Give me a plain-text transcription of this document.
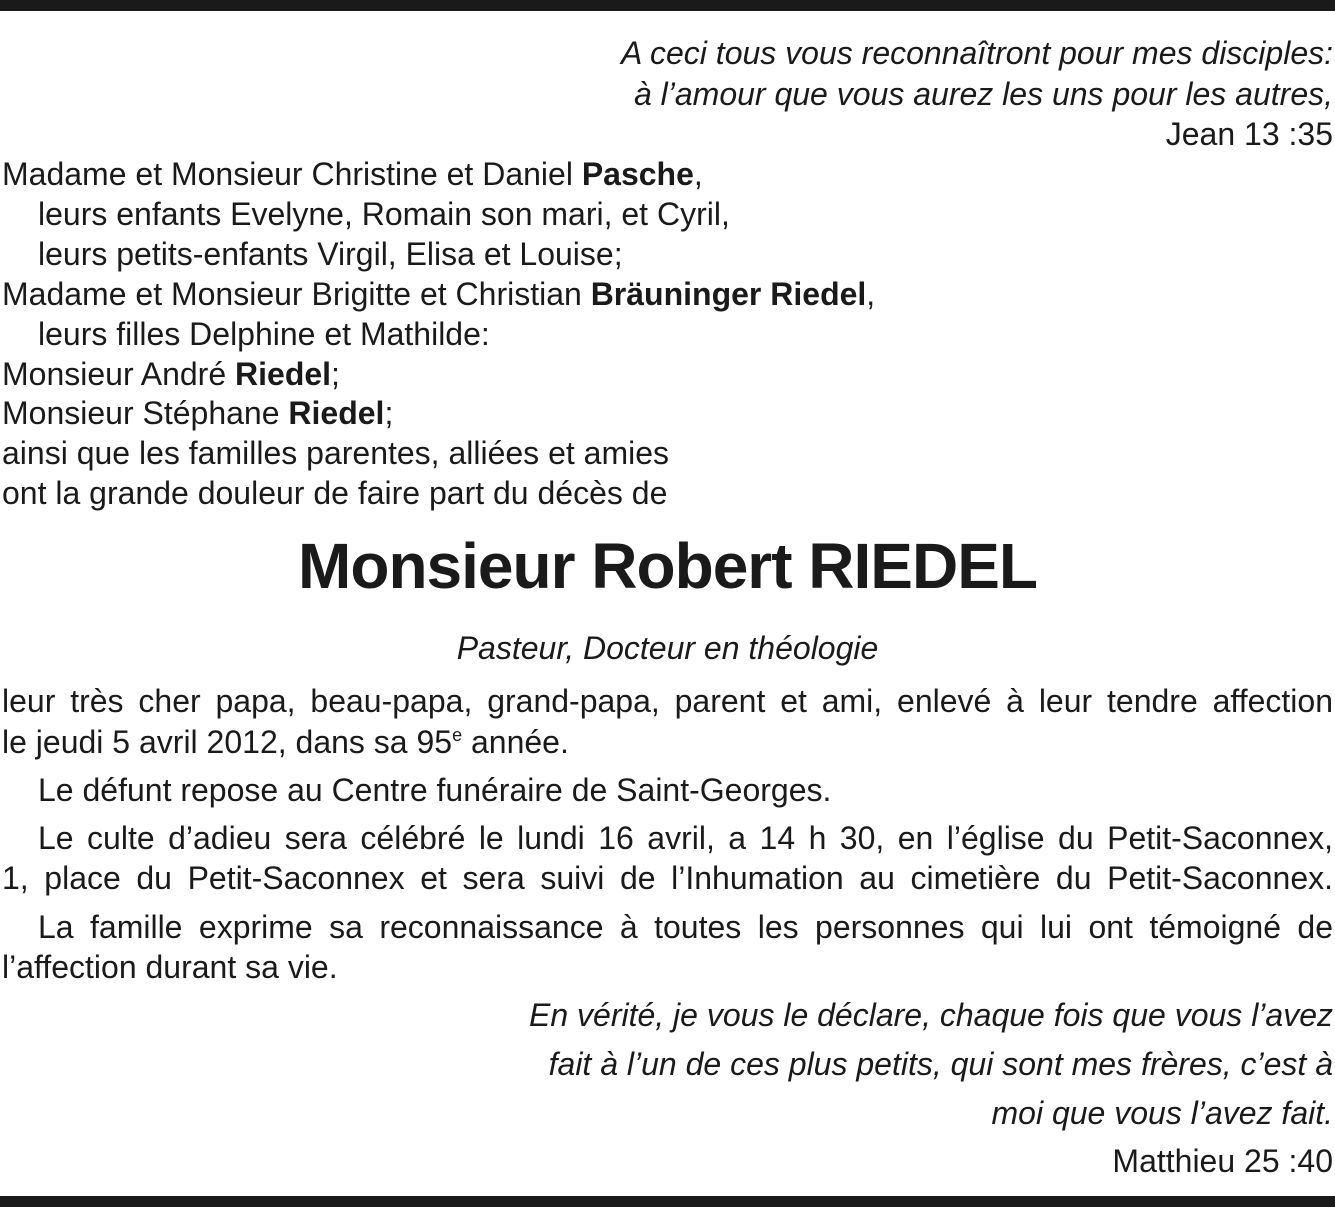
A ceci tous vous reconnaîtront pour mes disciples:
à l’amour que vous aurez les uns pour les autres,
Jean 13 :35
Madame et Monsieur Christine et Daniel Pasche,
leurs enfants Evelyne, Romain son mari, et Cyril,
leurs petits-enfants Virgil, Elisa et Louise;
Madame et Monsieur Brigitte et Christian Bräuninger Riedel,
leurs filles Delphine et Mathilde:
Monsieur André Riedel;
Monsieur Stéphane Riedel;
ainsi que les familles parentes, alliées et amies
ont la grande douleur de faire part du décès de
Monsieur Robert RIEDEL
Pasteur, Docteur en théologie
leur très cher papa, beau-papa, grand-papa, parent et ami, enlevé à leur tendre affection
le jeudi 5 avril 2012, dans sa 95e année.
Le défunt repose au Centre funéraire de Saint-Georges.
Le culte d’adieu sera célébré le lundi 16 avril, a 14 h 30, en l’église du Petit-Saconnex,
1, place du Petit-Saconnex et sera suivi de l’Inhumation au cimetière du Petit-Saconnex.
La famille exprime sa reconnaissance à toutes les personnes qui lui ont témoigné de
l’affection durant sa vie.
En vérité, je vous le déclare, chaque fois que vous l’avez
fait à l’un de ces plus petits, qui sont mes frères, c’est à
moi que vous l’avez fait.
Matthieu 25 :40
